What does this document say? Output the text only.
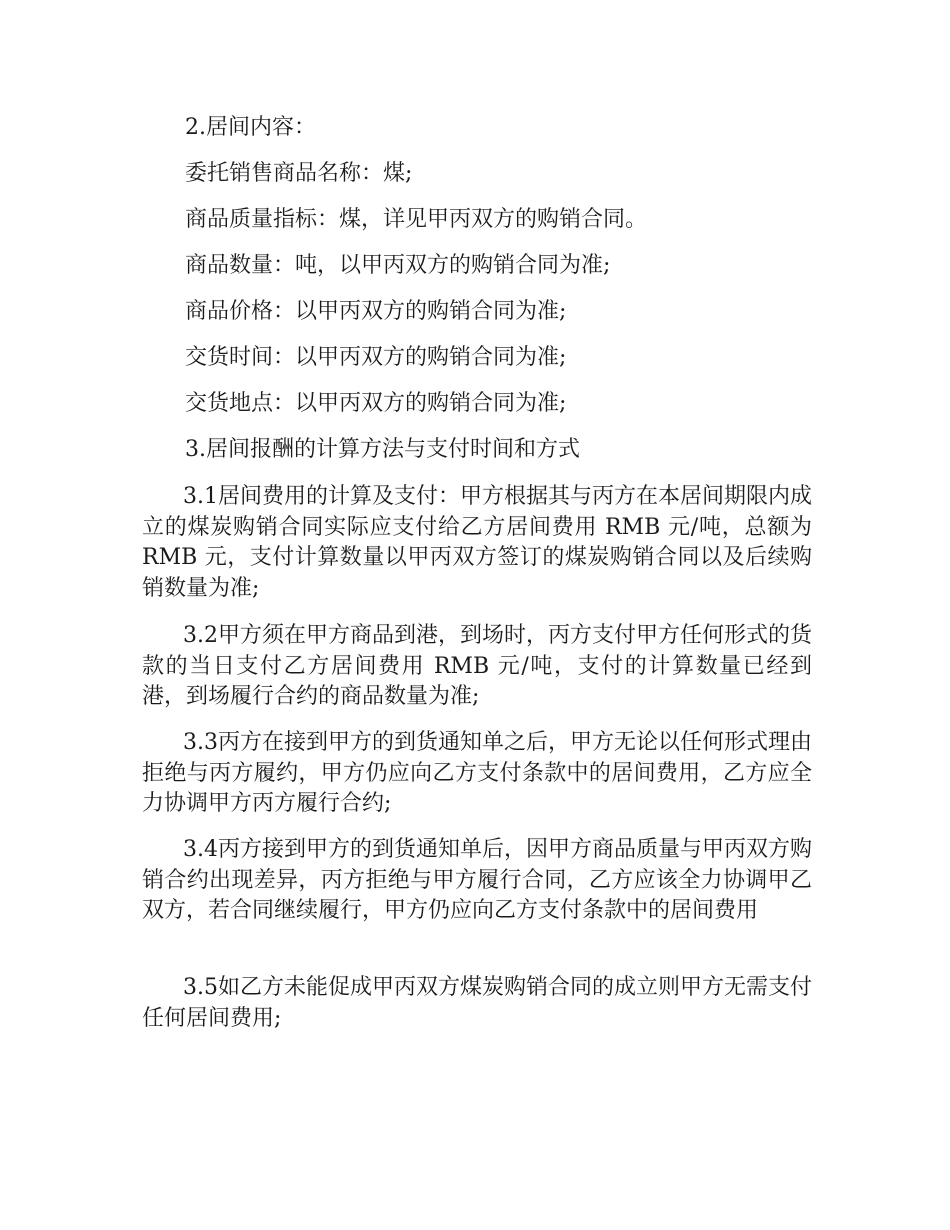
2.居间内容：
委托销售商品名称：煤;
商品质量指标：煤，详见甲丙双方的购销合同。
商品数量：吨，以甲丙双方的购销合同为准;
商品价格：以甲丙双方的购销合同为准;
交货时间：以甲丙双方的购销合同为准;
交货地点：以甲丙双方的购销合同为准;
3.居间报酬的计算方法与支付时间和方式
3.1居间费用的计算及支付：甲方根据其与丙方在本居间期限内成立的煤炭购销合同实际应支付给乙方居间费用 RMB 元/吨，总额为 RMB 元，支付计算数量以甲丙双方签订的煤炭购销合同以及后续购销数量为准;
3.2甲方须在甲方商品到港，到场时，丙方支付甲方任何形式的货款的当日支付乙方居间费用 RMB 元/吨，支付的计算数量已经到港，到场履行合约的商品数量为准;
3.3丙方在接到甲方的到货通知单之后，甲方无论以任何形式理由拒绝与丙方履约，甲方仍应向乙方支付条款中的居间费用，乙方应全力协调甲方丙方履行合约;
3.4丙方接到甲方的到货通知单后，因甲方商品质量与甲丙双方购销合约出现差异，丙方拒绝与甲方履行合同，乙方应该全力协调甲乙双方，若合同继续履行，甲方仍应向乙方支付条款中的居间费用
3.5如乙方未能促成甲丙双方煤炭购销合同的成立则甲方无需支付任何居间费用;
